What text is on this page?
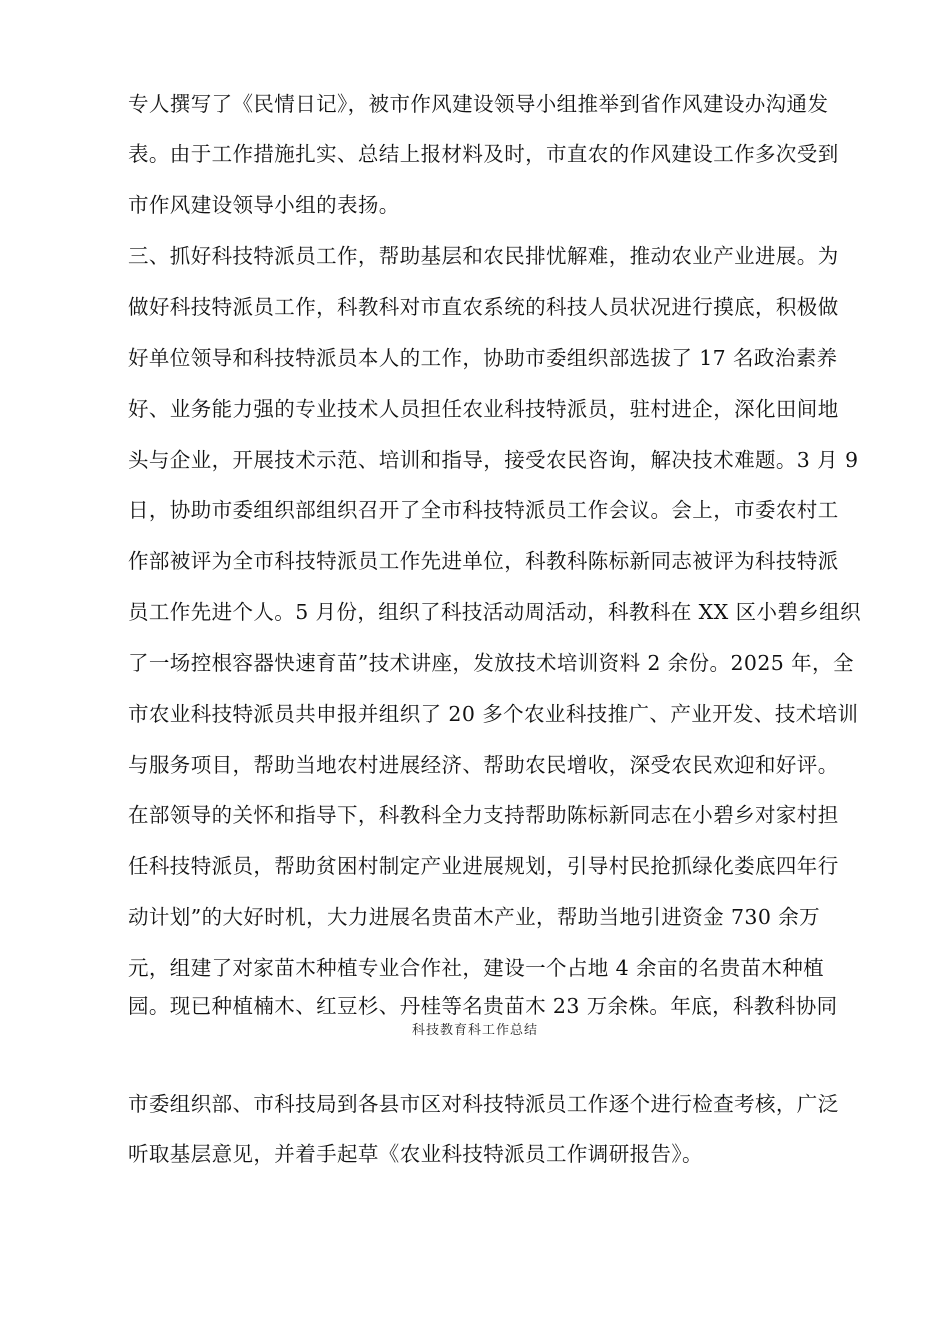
专人撰写了《民情日记》，被市作风建设领导小组推举到省作风建设办沟通发
表。由于工作措施扎实、总结上报材料及时，市直农的作风建设工作多次受到
市作风建设领导小组的表扬。
三、抓好科技特派员工作，帮助基层和农民排忧解难，推动农业产业进展。为
做好科技特派员工作，科教科对市直农系统的科技人员状况进行摸底，积极做
好单位领导和科技特派员本人的工作，协助市委组织部选拔了 17 名政治素养
好、业务能力强的专业技术人员担任农业科技特派员，驻村进企，深化田间地
头与企业，开展技术示范、培训和指导，接受农民咨询，解决技术难题。3 月 9
日，协助市委组织部组织召开了全市科技特派员工作会议。会上，市委农村工
作部被评为全市科技特派员工作先进单位，科教科陈标新同志被评为科技特派
员工作先进个人。5 月份，组织了科技活动周活动，科教科在 XX 区小碧乡组织
了一场控根容器快速育苗”技术讲座，发放技术培训资料 2 余份。2025 年，全
市农业科技特派员共申报并组织了 20 多个农业科技推广、产业开发、技术培训
与服务项目，帮助当地农村进展经济、帮助农民增收，深受农民欢迎和好评。
在部领导的关怀和指导下，科教科全力支持帮助陈标新同志在小碧乡对家村担
任科技特派员，帮助贫困村制定产业进展规划，引导村民抢抓绿化娄底四年行
动计划”的大好时机，大力进展名贵苗木产业，帮助当地引进资金 730 余万
元，组建了对家苗木种植专业合作社，建设一个占地 4 余亩的名贵苗木种植
园。现已种植楠木、红豆杉、丹桂等名贵苗木 23 万余株。年底，科教科协同
科技教育科工作总结
市委组织部、市科技局到各县市区对科技特派员工作逐个进行检查考核，广泛
听取基层意见，并着手起草《农业科技特派员工作调研报告》。
